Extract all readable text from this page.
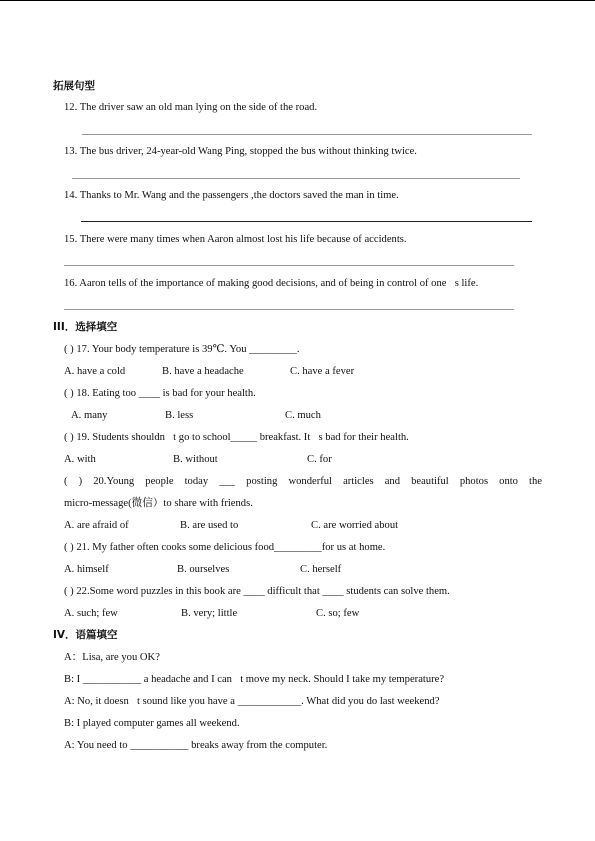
拓展句型
12. The driver saw an old man lying on the side of the road.
13. The bus driver, 24-year-old Wang Ping, stopped the bus without thinking twice.
14. Thanks to Mr. Wang and the passengers ,the doctors saved the man in time.
15. There were many times when Aaron almost lost his life because of accidents.
16. Aaron tells of the importance of making good decisions, and of being in control of one s life.
III．选择填空
( ) 17. Your body temperature is 39℃. You _________.
A. have a cold	B. have a headache	C. have a fever
( ) 18. Eating too ____ is bad for your health.
A. many	B. less	C. much
( ) 19. Students shouldn t go to school_____ breakfast. It s bad for their health.
A. with	B. without	C. for
( ) 20.Young people today ___ posting wonderful articles and beautiful photos onto the
micro-message(微信）to share with friends.
A. are afraid of	B. are used to	C. are worried about
( ) 21. My father often cooks some delicious food_________for us at home.
A. himself	B. ourselves	C. herself
( ) 22.Some word puzzles in this book are ____ difficult that ____ students can solve them.
A. such; few	B. very; little	C. so; few
IV．语篇填空
A：Lisa, are you OK?
B: I ___________ a headache and I can t move my neck. Should I take my temperature?
A: No, it doesn t sound like you have a ____________. What did you do last weekend?
B: I played computer games all weekend.
A: You need to ___________ breaks away from the computer.
